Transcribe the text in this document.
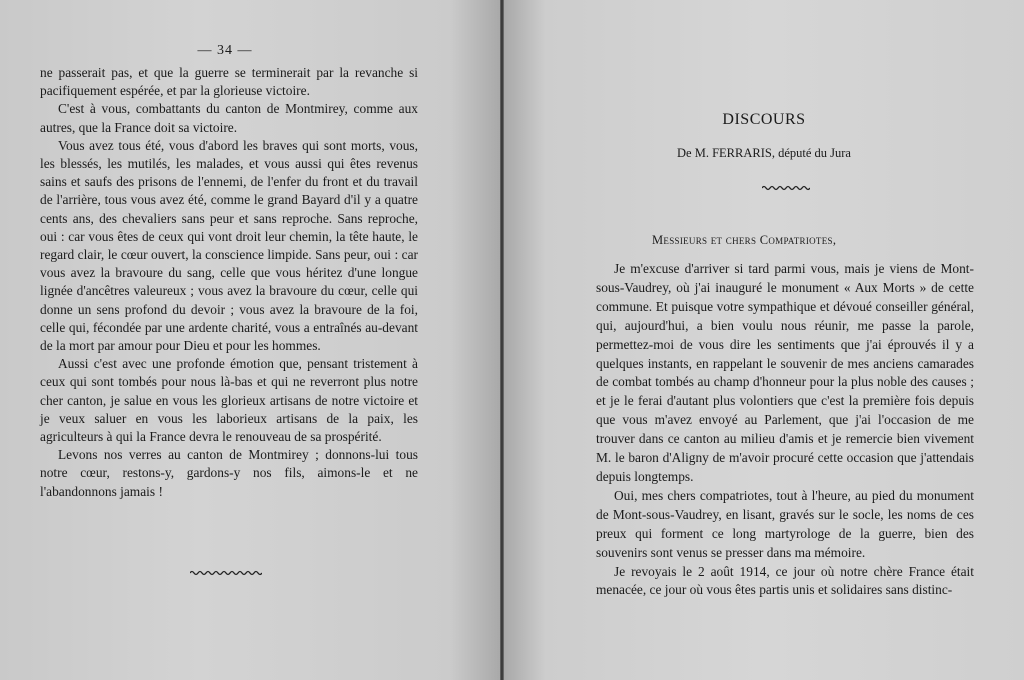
— 34 —

ne passerait pas, et que la guerre se terminerait par la revanche si pacifiquement espérée, et par la glorieuse victoire.

C'est à vous, combattants du canton de Montmirey, comme aux autres, que la France doit sa victoire.

Vous avez tous été, vous d'abord les braves qui sont morts, vous, les blessés, les mutilés, les malades, et vous aussi qui êtes revenus sains et saufs des prisons de l'ennemi, de l'enfer du front et du travail de l'arrière, tous vous avez été, comme le grand Bayard d'il y a quatre cents ans, des chevaliers sans peur et sans reproche. Sans reproche, oui : car vous êtes de ceux qui vont droit leur chemin, la tête haute, le regard clair, le cœur ouvert, la conscience limpide. Sans peur, oui : car vous avez la bravoure du sang, celle que vous héritez d'une longue lignée d'ancêtres valeureux ; vous avez la bravoure du cœur, celle qui donne un sens profond du devoir ; vous avez la bravoure de la foi, celle qui, fécondée par une ardente charité, vous a entraînés au-devant de la mort par amour pour Dieu et pour les hommes.

Aussi c'est avec une profonde émotion que, pensant tristement à ceux qui sont tombés pour nous là-bas et qui ne reverront plus notre cher canton, je salue en vous les glorieux artisans de notre victoire et je veux saluer en vous les laborieux artisans de la paix, les agriculteurs à qui la France devra le renouveau de sa prospérité.

Levons nos verres au canton de Montmirey ; donnons-lui tous notre cœur, restons-y, gardons-y nos fils, aimons-le et ne l'abandonnons jamais !

DISCOURS
De M. FERRARIS, député du Jura
Messieurs et chers Compatriotes,

Je m'excuse d'arriver si tard parmi vous, mais je viens de Mont-sous-Vaudrey, où j'ai inauguré le monument « Aux Morts » de cette commune. Et puisque votre sympathique et dévoué conseiller général, qui, aujourd'hui, a bien voulu nous réunir, me passe la parole, permettez-moi de vous dire les sentiments que j'ai éprouvés il y a quelques instants, en rappelant le souvenir de mes anciens camarades de combat tombés au champ d'honneur pour la plus noble des causes ; et je le ferai d'autant plus volontiers que c'est la première fois depuis que vous m'avez envoyé au Parlement, que j'ai l'occasion de me trouver dans ce canton au milieu d'amis et je remercie bien vivement M. le baron d'Aligny de m'avoir procuré cette occasion que j'attendais depuis longtemps.

Oui, mes chers compatriotes, tout à l'heure, au pied du monument de Mont-sous-Vaudrey, en lisant, gravés sur le socle, les noms de ces preux qui forment ce long martyrologe de la guerre, bien des souvenirs sont venus se presser dans ma mémoire.

Je revoyais le 2 août 1914, ce jour où notre chère France était menacée, ce jour où vous êtes partis unis et solidaires sans distinc-
